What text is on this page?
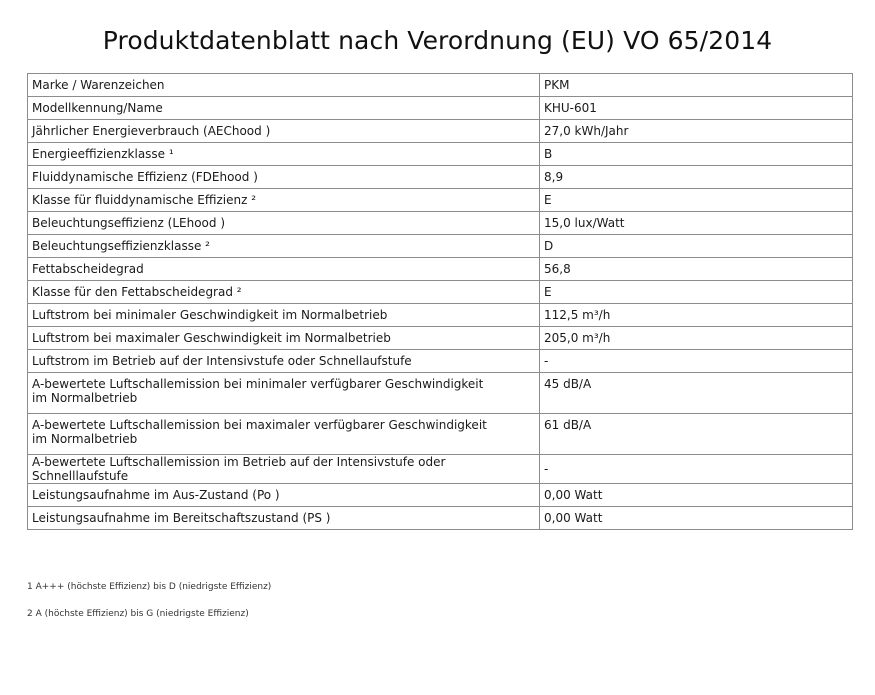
Produktdatenblatt nach Verordnung (EU) VO 65/2014
Marke / Warenzeichen	PKM
Modellkennung/Name	KHU-601
Jährlicher Energieverbrauch (AEChood )	27,0 kWh/Jahr
Energieeffizienzklasse ¹	B
Fluiddynamische Effizienz (FDEhood )	8,9
Klasse für fluiddynamische Effizienz ²	E
Beleuchtungseffizienz (LEhood )	15,0 lux/Watt
Beleuchtungseffizienzklasse ²	D
Fettabscheidegrad	56,8
Klasse für den Fettabscheidegrad ²	E
Luftstrom bei minimaler Geschwindigkeit im Normalbetrieb	112,5 m³/h
Luftstrom bei maximaler Geschwindigkeit im Normalbetrieb	205,0 m³/h
Luftstrom im Betrieb auf der Intensivstufe oder Schnellaufstufe	-
A-bewertete Luftschallemission bei minimaler verfügbarer Geschwindigkeit
im Normalbetrieb	45 dB/A
A-bewertete Luftschallemission bei maximaler verfügbarer Geschwindigkeit
im Normalbetrieb	61 dB/A
A-bewertete Luftschallemission im Betrieb auf der Intensivstufe oder Schnelllaufstufe	-
Leistungsaufnahme im Aus-Zustand (Po )	0,00 Watt
Leistungsaufnahme im Bereitschaftszustand (PS )	0,00 Watt
1 A+++ (höchste Effizienz) bis D (niedrigste Effizienz)
2 A (höchste Effizienz) bis G (niedrigste Effizienz)
